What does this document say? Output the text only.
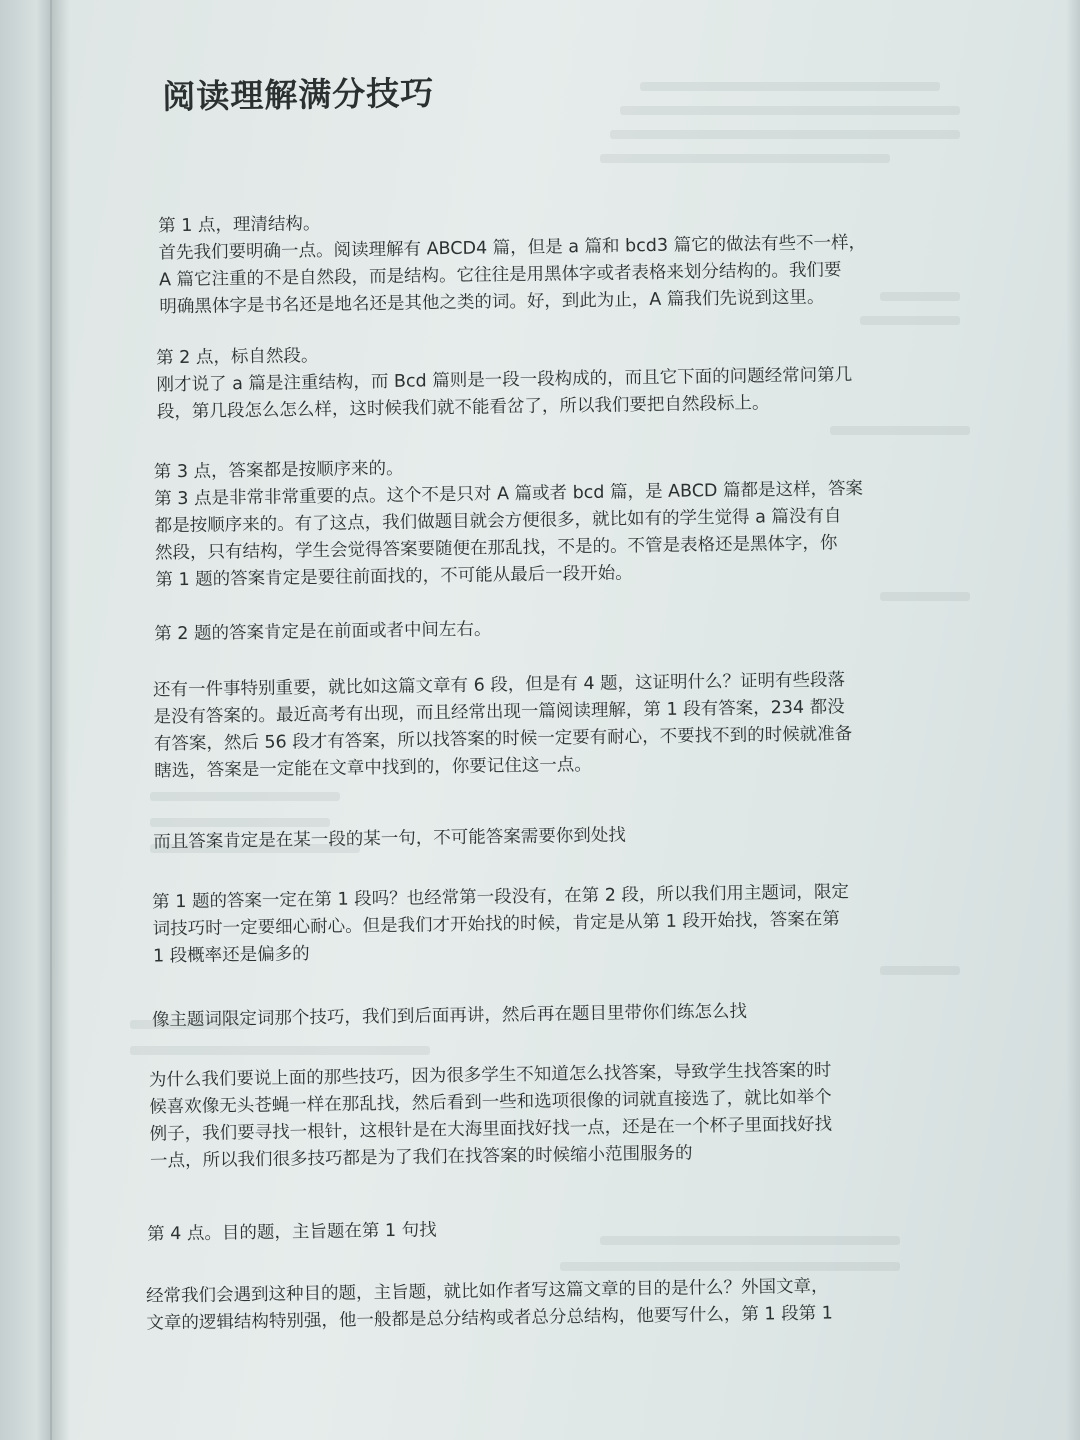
阅读理解满分技巧
第 1 点，理清结构。
首先我们要明确一点。阅读理解有 ABCD4 篇，但是 a 篇和 bcd3 篇它的做法有些不一样，
A 篇它注重的不是自然段，而是结构。它往往是用黑体字或者表格来划分结构的。我们要
明确黑体字是书名还是地名还是其他之类的词。好，到此为止，A 篇我们先说到这里。
第 2 点，标自然段。
刚才说了 a 篇是注重结构，而 Bcd 篇则是一段一段构成的，而且它下面的问题经常问第几
段，第几段怎么怎么样，这时候我们就不能看岔了，所以我们要把自然段标上。
第 3 点，答案都是按顺序来的。
第 3 点是非常非常重要的点。这个不是只对 A 篇或者 bcd 篇，是 ABCD 篇都是这样，答案
都是按顺序来的。有了这点，我们做题目就会方便很多，就比如有的学生觉得 a 篇没有自
然段，只有结构，学生会觉得答案要随便在那乱找，不是的。不管是表格还是黑体字，你
第 1 题的答案肯定是要往前面找的，不可能从最后一段开始。
第 2 题的答案肯定是在前面或者中间左右。
还有一件事特别重要，就比如这篇文章有 6 段，但是有 4 题，这证明什么？证明有些段落
是没有答案的。最近高考有出现，而且经常出现一篇阅读理解，第 1 段有答案，234 都没
有答案，然后 56 段才有答案，所以找答案的时候一定要有耐心，不要找不到的时候就准备
瞎选，答案是一定能在文章中找到的，你要记住这一点。
而且答案肯定是在某一段的某一句，不可能答案需要你到处找
第 1 题的答案一定在第 1 段吗？也经常第一段没有，在第 2 段，所以我们用主题词，限定
词技巧时一定要细心耐心。但是我们才开始找的时候，肯定是从第 1 段开始找，答案在第
1 段概率还是偏多的
像主题词限定词那个技巧，我们到后面再讲，然后再在题目里带你们练怎么找
为什么我们要说上面的那些技巧，因为很多学生不知道怎么找答案，导致学生找答案的时
候喜欢像无头苍蝇一样在那乱找，然后看到一些和选项很像的词就直接选了，就比如举个
例子，我们要寻找一根针，这根针是在大海里面找好找一点，还是在一个杯子里面找好找
一点，所以我们很多技巧都是为了我们在找答案的时候缩小范围服务的
第 4 点。目的题，主旨题在第 1 句找
经常我们会遇到这种目的题，主旨题，就比如作者写这篇文章的目的是什么？外国文章，
文章的逻辑结构特别强，他一般都是总分结构或者总分总结构，他要写什么，第 1 段第 1
